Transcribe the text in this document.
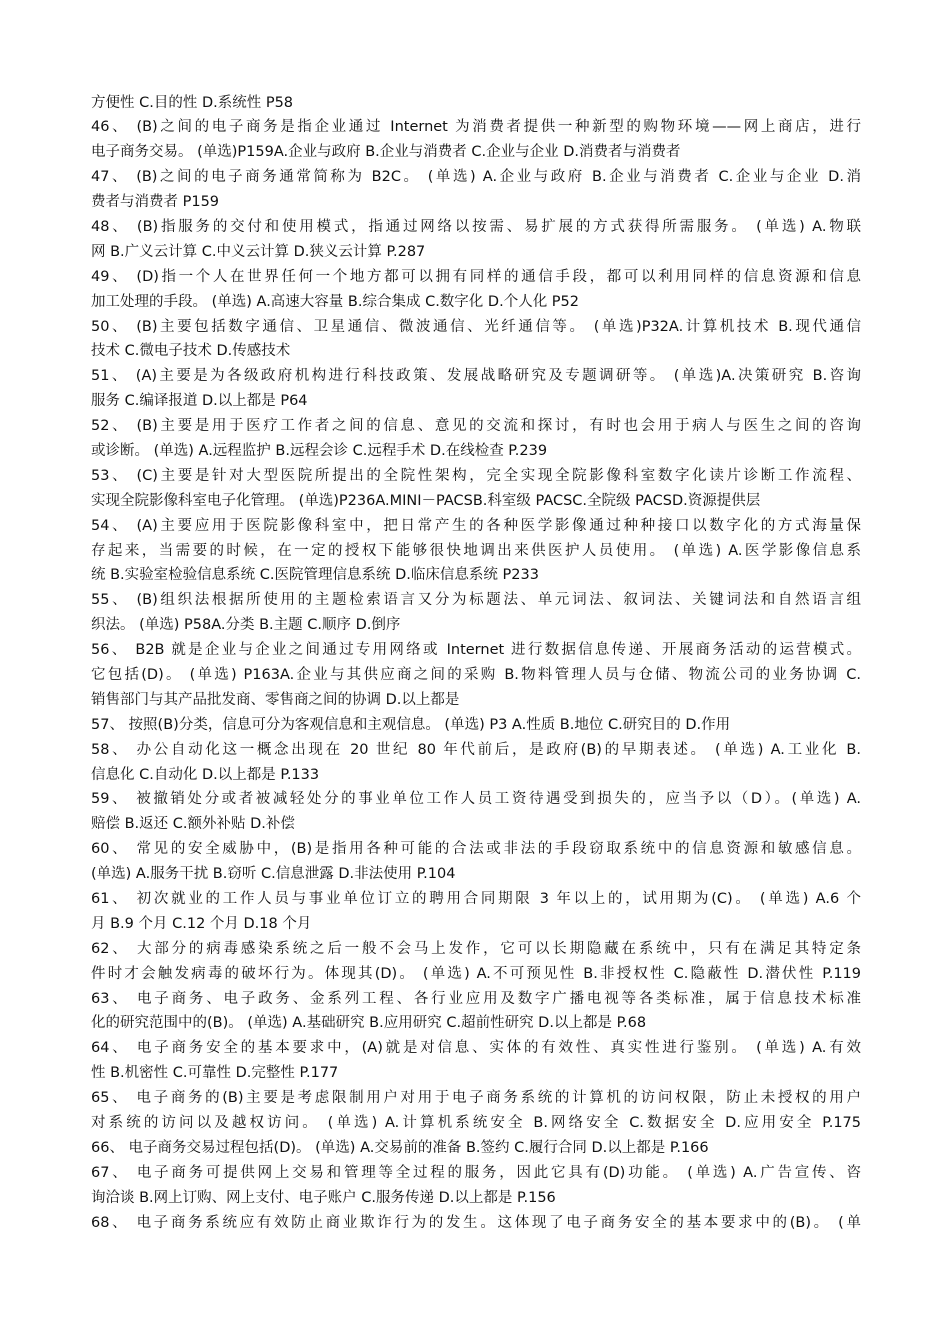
方便性 C.目的性 D.系统性 P58
46、 (B)之间的电子商务是指企业通过 Internet 为消费者提供一种新型的购物环境——网上商店，进行
电子商务交易。 (单选)P159A.企业与政府 B.企业与消费者 C.企业与企业 D.消费者与消费者
47、 (B)之间的电子商务通常简称为 B2C。 (单选) A.企业与政府 B.企业与消费者 C.企业与企业 D.消
费者与消费者 P159
48、 (B)指服务的交付和使用模式，指通过网络以按需、易扩展的方式获得所需服务。 (单选) A.物联
网 B.广义云计算 C.中义云计算 D.狭义云计算 P.287
49、 (D)指一个人在世界任何一个地方都可以拥有同样的通信手段，都可以利用同样的信息资源和信息
加工处理的手段。 (单选) A.高速大容量 B.综合集成 C.数字化 D.个人化 P52
50、 (B)主要包括数字通信、卫星通信、微波通信、光纤通信等。 (单选)P32A.计算机技术 B.现代通信
技术 C.微电子技术 D.传感技术
51、 (A)主要是为各级政府机构进行科技政策、发展战略研究及专题调研等。 (单选)A.决策研究 B.咨询
服务 C.编译报道 D.以上都是 P64
52、 (B)主要是用于医疗工作者之间的信息、意见的交流和探讨，有时也会用于病人与医生之间的咨询
或诊断。 (单选) A.远程监护 B.远程会诊 C.远程手术 D.在线检查 P.239
53、 (C)主要是针对大型医院所提出的全院性架构，完全实现全院影像科室数字化读片诊断工作流程、
实现全院影像科室电子化管理。 (单选)P236A.MINI－PACSB.科室级 PACSC.全院级 PACSD.资源提供层
54、 (A)主要应用于医院影像科室中，把日常产生的各种医学影像通过种种接口以数字化的方式海量保
存起来，当需要的时候，在一定的授权下能够很快地调出来供医护人员使用。 (单选) A.医学影像信息系
统 B.实验室检验信息系统 C.医院管理信息系统 D.临床信息系统 P233
55、 (B)组织法根据所使用的主题检索语言又分为标题法、单元词法、叙词法、关键词法和自然语言组
织法。 (单选) P58A.分类 B.主题 C.顺序 D.倒序
56、 B2B 就是企业与企业之间通过专用网络或 Internet 进行数据信息传递、开展商务活动的运营模式。
它包括(D)。 (单选) P163A.企业与其供应商之间的采购 B.物料管理人员与仓储、物流公司的业务协调 C.
销售部门与其产品批发商、零售商之间的协调 D.以上都是
57、 按照(B)分类，信息可分为客观信息和主观信息。 (单选) P3 A.性质 B.地位 C.研究目的 D.作用
58、 办公自动化这一概念出现在 20 世纪 80 年代前后，是政府(B)的早期表述。 (单选) A.工业化 B.
信息化 C.自动化 D.以上都是 P.133
59、 被撤销处分或者被减轻处分的事业单位工作人员工资待遇受到损失的，应当予以（D）。(单选) A.
赔偿 B.返还 C.额外补贴 D.补偿
60、 常见的安全威胁中，(B)是指用各种可能的合法或非法的手段窃取系统中的信息资源和敏感信息。
(单选) A.服务干扰 B.窃听 C.信息泄露 D.非法使用 P.104
61、 初次就业的工作人员与事业单位订立的聘用合同期限 3 年以上的，试用期为(C)。 (单选) A.6 个
月 B.9 个月 C.12 个月 D.18 个月
62、 大部分的病毒感染系统之后一般不会马上发作，它可以长期隐藏在系统中，只有在满足其特定条
件时才会触发病毒的破坏行为。体现其(D)。 (单选) A.不可预见性 B.非授权性 C.隐蔽性 D.潜伏性 P.119
63、 电子商务、电子政务、金系列工程、各行业应用及数字广播电视等各类标准，属于信息技术标准
化的研究范围中的(B)。 (单选) A.基础研究 B.应用研究 C.超前性研究 D.以上都是 P.68
64、 电子商务安全的基本要求中，(A)就是对信息、实体的有效性、真实性进行鉴别。 (单选) A.有效
性 B.机密性 C.可靠性 D.完整性 P.177
65、 电子商务的(B)主要是考虑限制用户对用于电子商务系统的计算机的访问权限，防止未授权的用户
对系统的访问以及越权访问。 (单选) A.计算机系统安全 B.网络安全 C.数据安全 D.应用安全 P.175
66、 电子商务交易过程包括(D)。 (单选) A.交易前的准备 B.签约 C.履行合同 D.以上都是 P.166
67、 电子商务可提供网上交易和管理等全过程的服务，因此它具有(D)功能。 (单选) A.广告宣传、咨
询洽谈 B.网上订购、网上支付、电子账户 C.服务传递 D.以上都是 P.156
68、 电子商务系统应有效防止商业欺诈行为的发生。这体现了电子商务安全的基本要求中的(B)。 (单
